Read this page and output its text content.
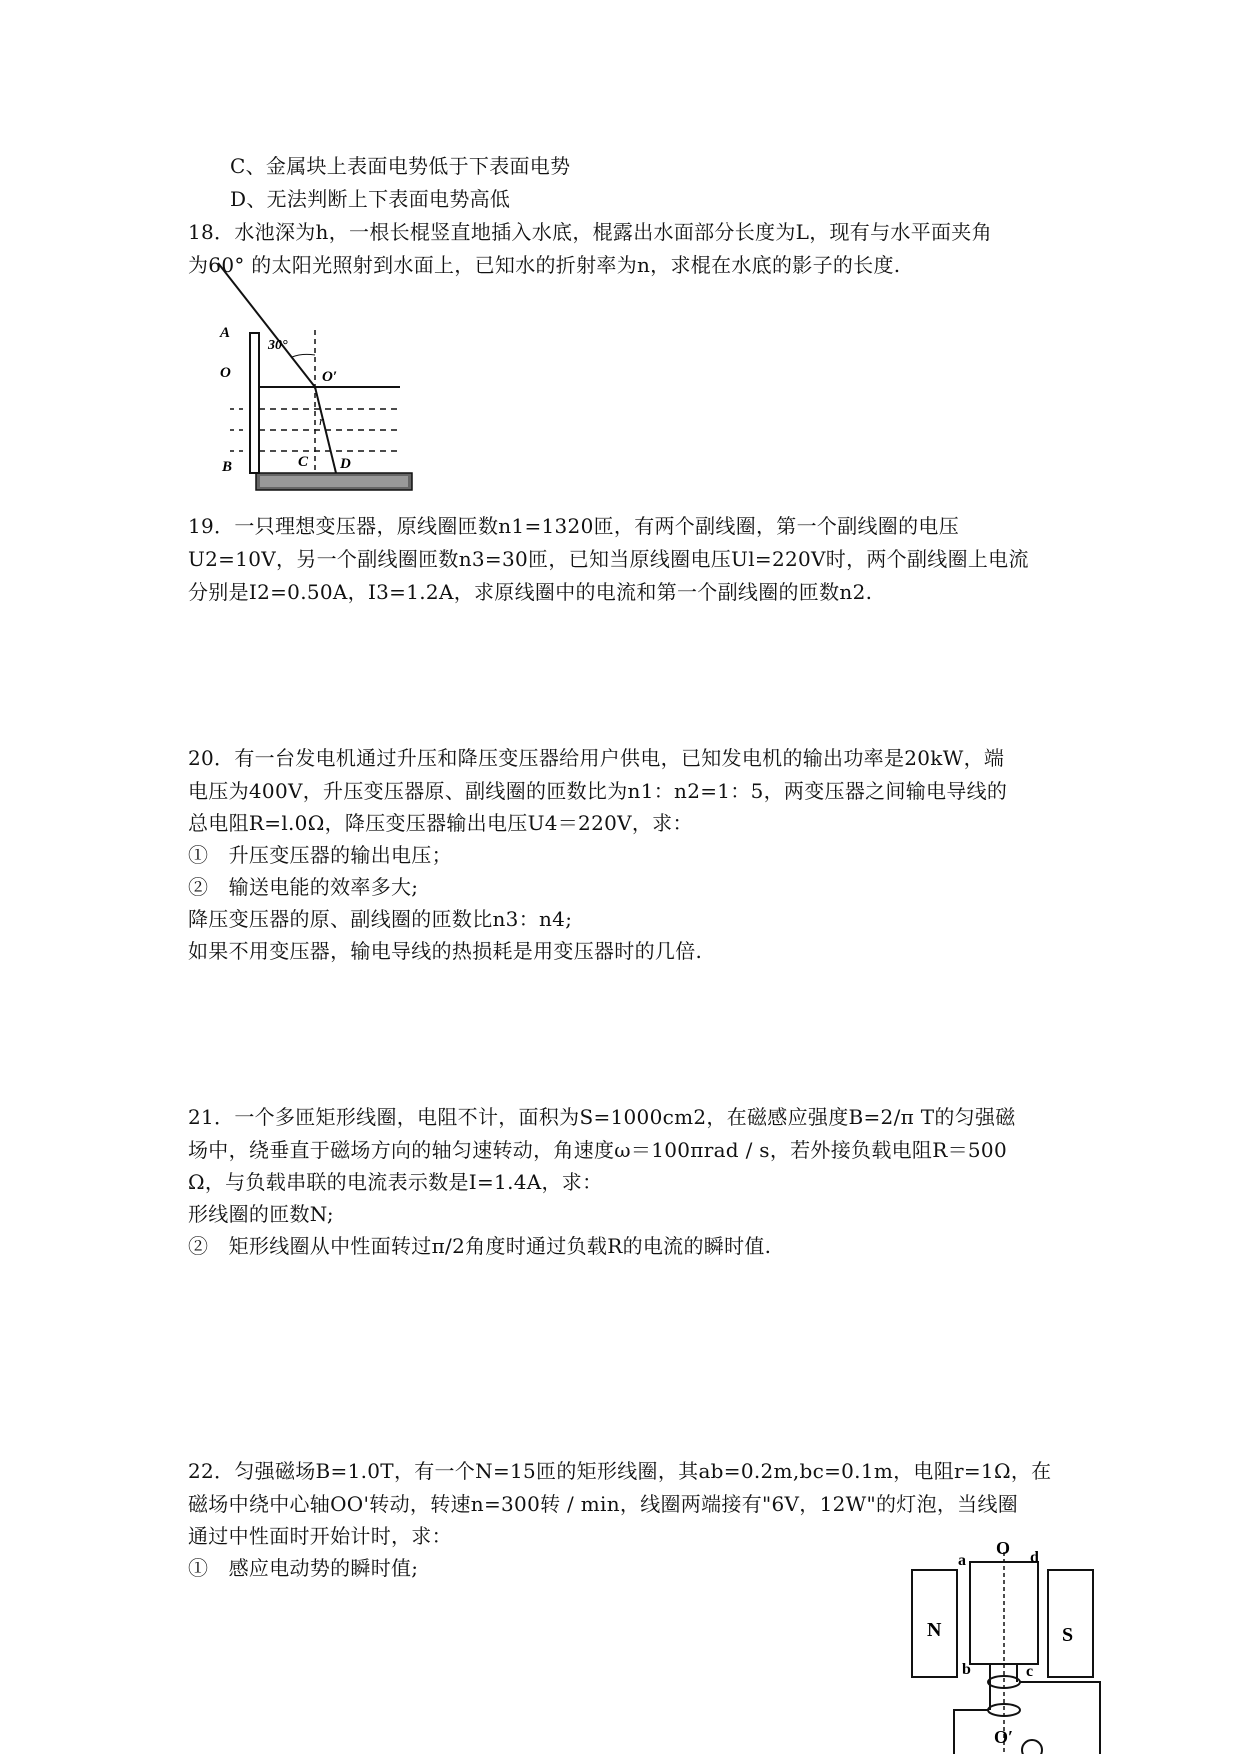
C、金属块上表面电势低于下表面电势
D、无法判断上下表面电势高低
18．水池深为h，一根长棍竖直地插入水底，棍露出水面部分长度为L，现有与水平面夹角
为60° 的太阳光照射到水面上，已知水的折射率为n，求棍在水底的影子的长度.
30°
A
O	O′
r
B	C D
19．一只理想变压器，原线圈匝数n1=1320匝，有两个副线圈，第一个副线圈的电压
U2=10V，另一个副线圈匝数n3=30匝，已知当原线圈电压Ul=220V时，两个副线圈上电流
分别是I2=0.50A，I3=1.2A，求原线圈中的电流和第一个副线圈的匝数n2.
20．有一台发电机通过升压和降压变压器给用户供电，已知发电机的输出功率是20kW，端
电压为400V，升压变压器原、副线圈的匝数比为n1：n2=1：5，两变压器之间输电导线的
总电阻R=l.0Ω，降压变压器输出电压U4＝220V，求：
①　升压变压器的输出电压；
②　输送电能的效率多大;
降压变压器的原、副线圈的匝数比n3：n4;
如果不用变压器，输电导线的热损耗是用变压器时的几倍.
21．一个多匝矩形线圈，电阻不计，面积为S=1000cm2，在磁感应强度B=2/π T的匀强磁
场中，绕垂直于磁场方向的轴匀速转动，角速度ω＝100πrad / s，若外接负载电阻R＝500
Ω，与负载串联的电流表示数是I=1.4A，求：
形线圈的匝数N;
②　矩形线圈从中性面转过π/2角度时通过负载R的电流的瞬时值.
22．匀强磁场B=1.0T，有一个N=15匝的矩形线圈，其ab=0.2m,bc=0.1m，电阻r=1Ω，在
磁场中绕中心轴OO'转动，转速n=300转 / min，线圈两端接有"6V，12W"的灯泡，当线圈
通过中性面时开始计时，求：
①　感应电动势的瞬时值;
N	S
O
a	d
b	c
O′
